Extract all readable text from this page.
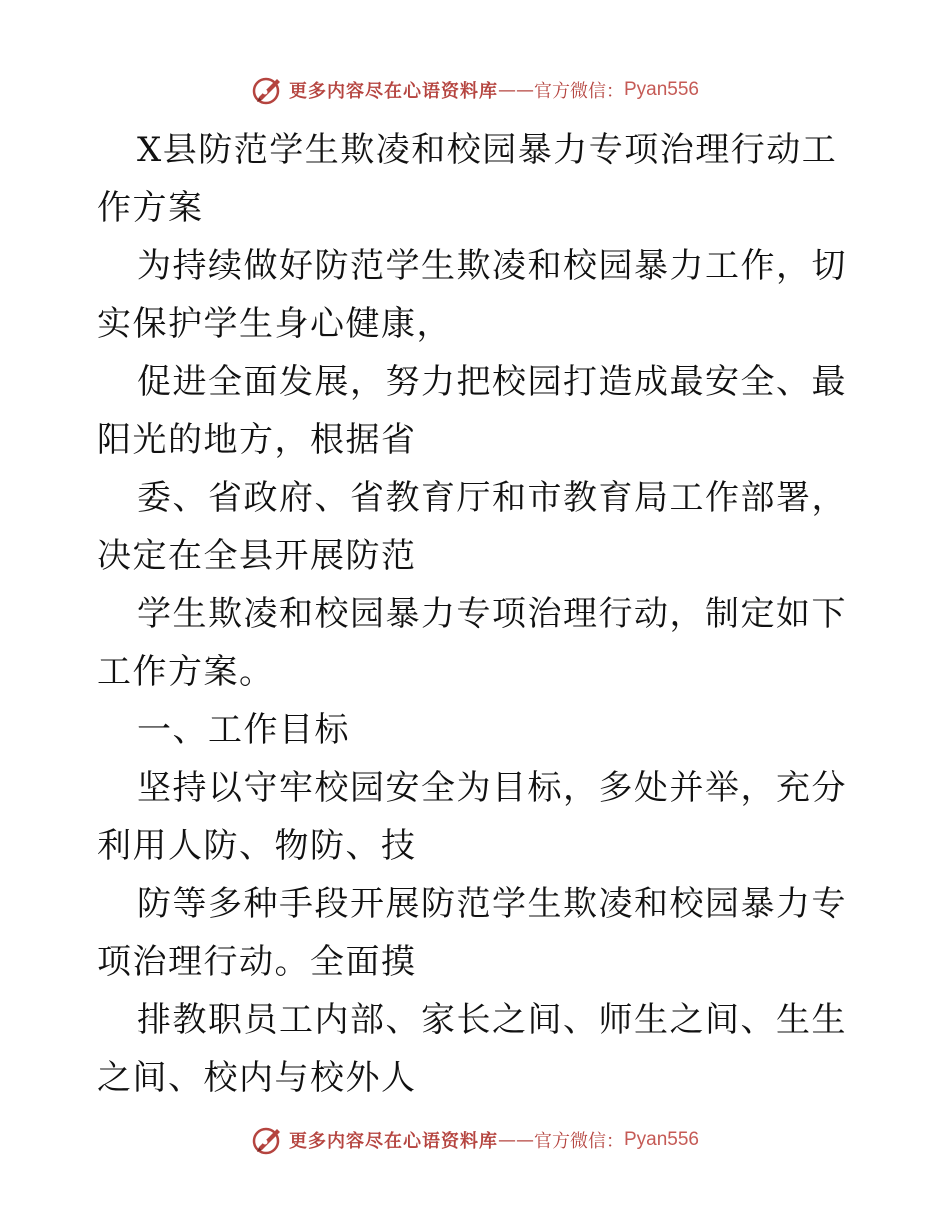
更多内容尽在心语资料库 —— 官方微信： Pyan556

X县防范学生欺凌和校园暴力专项治理行动工作方案

为持续做好防范学生欺凌和校园暴力工作，切实保护学生身心健康，

促进全面发展，努力把校园打造成最安全、最阳光的地方，根据省

委、省政府、省教育厅和市教育局工作部署，决定在全县开展防范

学生欺凌和校园暴力专项治理行动，制定如下工作方案。

一、工作目标

坚持以守牢校园安全为目标，多处并举，充分利用人防、物防、技

防等多种手段开展防范学生欺凌和校园暴力专项治理行动。全面摸

排教职员工内部、家长之间、师生之间、生生之间、校内与校外人

更多内容尽在心语资料库 —— 官方微信： Pyan556
